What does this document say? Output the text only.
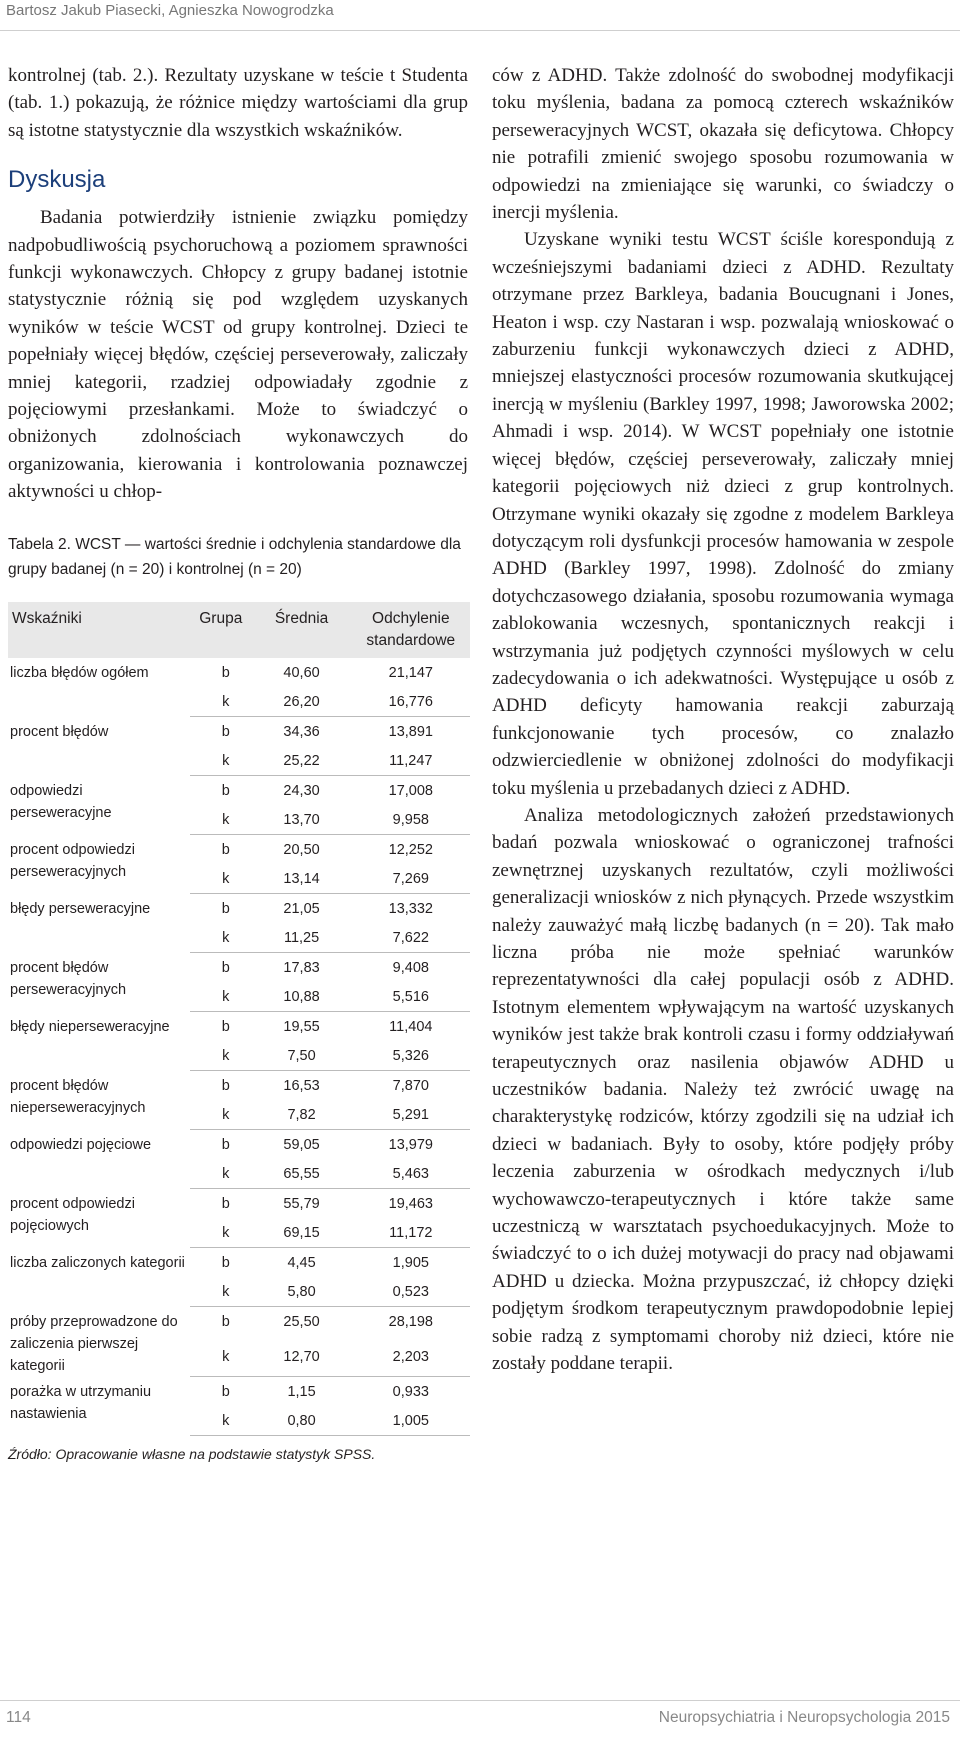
Bartosz Jakub Piasecki, Agnieszka Nowogrodzka

kontrolnej (tab. 2.). Rezultaty uzyskane w teście t Studenta (tab. 1.) pokazują, że różnice między wartościami dla grup są istotne statystycznie dla wszystkich wskaźników.

Dyskusja

Badania potwierdziły istnienie związku pomiędzy nadpobudliwością psychoruchową a poziomem sprawności funkcji wykonawczych. Chłopcy z grupy badanej istotnie statystycznie różnią się pod względem uzyskanych wyników w teście WCST od grupy kontrolnej. Dzieci te popełniały więcej błędów, częściej perseverowały, zaliczały mniej kategorii, rzadziej odpowiadały zgodnie z pojęciowymi przesłankami. Może to świadczyć o obniżonych zdolnościach wykonawczych do organizowania, kierowania i kontrolowania poznawczej aktywności u chłop-

Tabela 2. WCST — wartości średnie i odchylenia standardowe dla grupy badanej (n = 20) i kontrolnej (n = 20)
Wskaźniki	Grupa	Średnia	Odchylenie standardowe
liczba błędów ogółem	b	40,60	21,147
	k	26,20	16,776
procent błędów	b	34,36	13,891
	k	25,22	11,247
odpowiedzi perseweracyjne	b	24,30	17,008
	k	13,70	9,958
procent odpowiedzi perseweracyjnych	b	20,50	12,252
	k	13,14	7,269
błędy perseweracyjne	b	21,05	13,332
	k	11,25	7,622
procent błędów perseweracyjnych	b	17,83	9,408
	k	10,88	5,516
błędy nieperseweracyjne	b	19,55	11,404
	k	7,50	5,326
procent błędów nieperseweracyjnych	b	16,53	7,870
	k	7,82	5,291
odpowiedzi pojęciowe	b	59,05	13,979
	k	65,55	5,463
procent odpowiedzi pojęciowych	b	55,79	19,463
	k	69,15	11,172
liczba zaliczonych kategorii	b	4,45	1,905
	k	5,80	0,523
próby przeprowadzone do zaliczenia pierwszej kategorii	b	25,50	28,198
	k	12,70	2,203
porażka w utrzymaniu nastawienia	b	1,15	0,933
	k	0,80	1,005
Źródło: Opracowanie własne na podstawie statystyk SPSS.

ców z ADHD. Także zdolność do swobodnej modyfikacji toku myślenia, badana za pomocą czterech wskaźników perseweracyjnych WCST, okazała się deficytowa. Chłopcy nie potrafili zmienić swojego sposobu rozumowania w odpowiedzi na zmieniające się warunki, co świadczy o inercji myślenia.

Uzyskane wyniki testu WCST ściśle korespondują z wcześniejszymi badaniami dzieci z ADHD. Rezultaty otrzymane przez Barkleya, badania Boucugnani i Jones, Heaton i wsp. czy Nastaran i wsp. pozwalają wnioskować o zaburzeniu funkcji wykonawczych dzieci z ADHD, mniejszej elastyczności procesów rozumowania skutkującej inercją w myśleniu (Barkley 1997, 1998; Jaworowska 2002; Ahmadi i wsp. 2014). W WCST popełniały one istotnie więcej błędów, częściej perseverowały, zaliczały mniej kategorii pojęciowych niż dzieci z grup kontrolnych. Otrzymane wyniki okazały się zgodne z modelem Barkleya dotyczącym roli dysfunkcji procesów hamowania w zespole ADHD (Barkley 1997, 1998). Zdolność do zmiany dotychczasowego działania, sposobu rozumowania wymaga zablokowania wczesnych, spontanicznych reakcji i wstrzymania już podjętych czynności myślowych w celu zadecydowania o ich adekwatności. Występujące u osób z ADHD deficyty hamowania reakcji zaburzają funkcjonowanie tych procesów, co znalazło odzwierciedlenie w obniżonej zdolności do modyfikacji toku myślenia u przebadanych dzieci z ADHD.

Analiza metodologicznych założeń przedstawionych badań pozwala wnioskować o ograniczonej trafności zewnętrznej uzyskanych rezultatów, czyli możliwości generalizacji wniosków z nich płynących. Przede wszystkim należy zauważyć małą liczbę badanych (n = 20). Tak mało liczna próba nie może spełniać warunków reprezentatywności dla całej populacji osób z ADHD. Istotnym elementem wpływającym na wartość uzyskanych wyników jest także brak kontroli czasu i formy oddziaływań terapeutycznych oraz nasilenia objawów ADHD u uczestników badania. Należy też zwrócić uwagę na charakterystykę rodziców, którzy zgodzili się na udział ich dzieci w badaniach. Były to osoby, które podjęły próby leczenia zaburzenia w ośrodkach medycznych i/lub wychowawczo-terapeutycznych i które także same uczestniczą w warsztatach psychoedukacyjnych. Może to świadczyć to o ich dużej motywacji do pracy nad objawami ADHD u dziecka. Można przypuszczać, iż chłopcy dzięki podjętym środkom terapeutycznym prawdopodobnie lepiej sobie radzą z symptomami choroby niż dzieci, które nie zostały poddane terapii.

114	Neuropsychiatria i Neuropsychologia 2015
